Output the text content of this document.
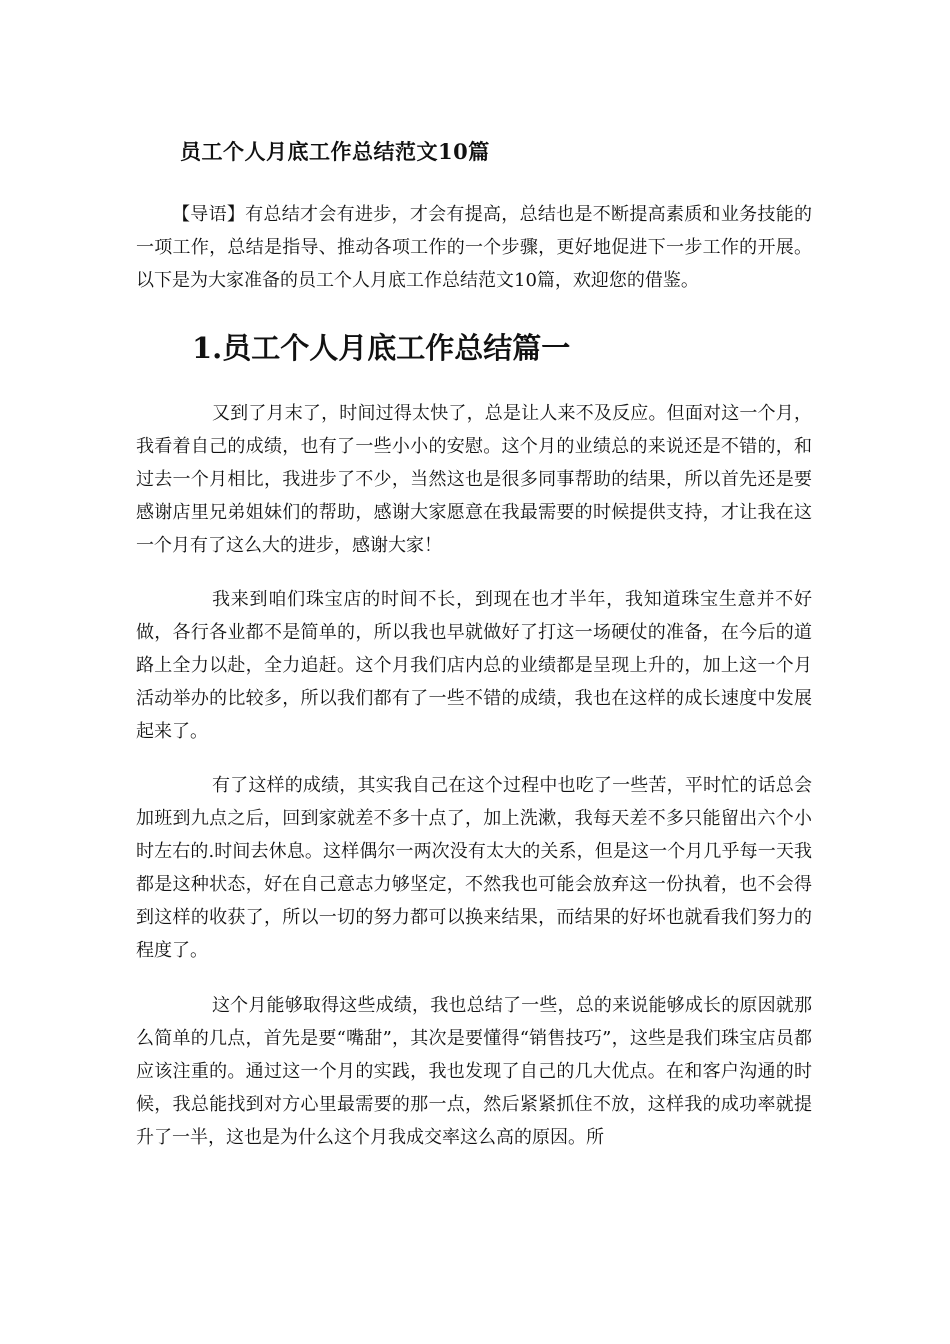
员工个人月底工作总结范文10篇

【导语】有总结才会有进步，才会有提高，总结也是不断提高素质和业务技能的一项工作，总结是指导、推动各项工作的一个步骤，更好地促进下一步工作的开展。以下是为大家准备的员工个人月底工作总结范文10篇，欢迎您的借鉴。

1.员工个人月底工作总结篇一

又到了月末了，时间过得太快了，总是让人来不及反应。但面对这一个月，我看着自己的成绩，也有了一些小小的安慰。这个月的业绩总的来说还是不错的，和过去一个月相比，我进步了不少，当然这也是很多同事帮助的结果，所以首先还是要感谢店里兄弟姐妹们的帮助，感谢大家愿意在我最需要的时候提供支持，才让我在这一个月有了这么大的进步，感谢大家！

我来到咱们珠宝店的时间不长，到现在也才半年，我知道珠宝生意并不好做，各行各业都不是简单的，所以我也早就做好了打这一场硬仗的准备，在今后的道路上全力以赴，全力追赶。这个月我们店内总的业绩都是呈现上升的，加上这一个月活动举办的比较多，所以我们都有了一些不错的成绩，我也在这样的成长速度中发展起来了。

有了这样的成绩，其实我自己在这个过程中也吃了一些苦，平时忙的话总会加班到九点之后，回到家就差不多十点了，加上洗漱，我每天差不多只能留出六个小时左右的.时间去休息。这样偶尔一两次没有太大的关系，但是这一个月几乎每一天我都是这种状态，好在自己意志力够坚定，不然我也可能会放弃这一份执着，也不会得到这样的收获了，所以一切的努力都可以换来结果，而结果的好坏也就看我们努力的程度了。

这个月能够取得这些成绩，我也总结了一些，总的来说能够成长的原因就那么简单的几点，首先是要“嘴甜”，其次是要懂得“销售技巧”，这些是我们珠宝店员都应该注重的。通过这一个月的实践，我也发现了自己的几大优点。在和客户沟通的时候，我总能找到对方心里最需要的那一点，然后紧紧抓住不放，这样我的成功率就提升了一半，这也是为什么这个月我成交率这么高的原因。所
